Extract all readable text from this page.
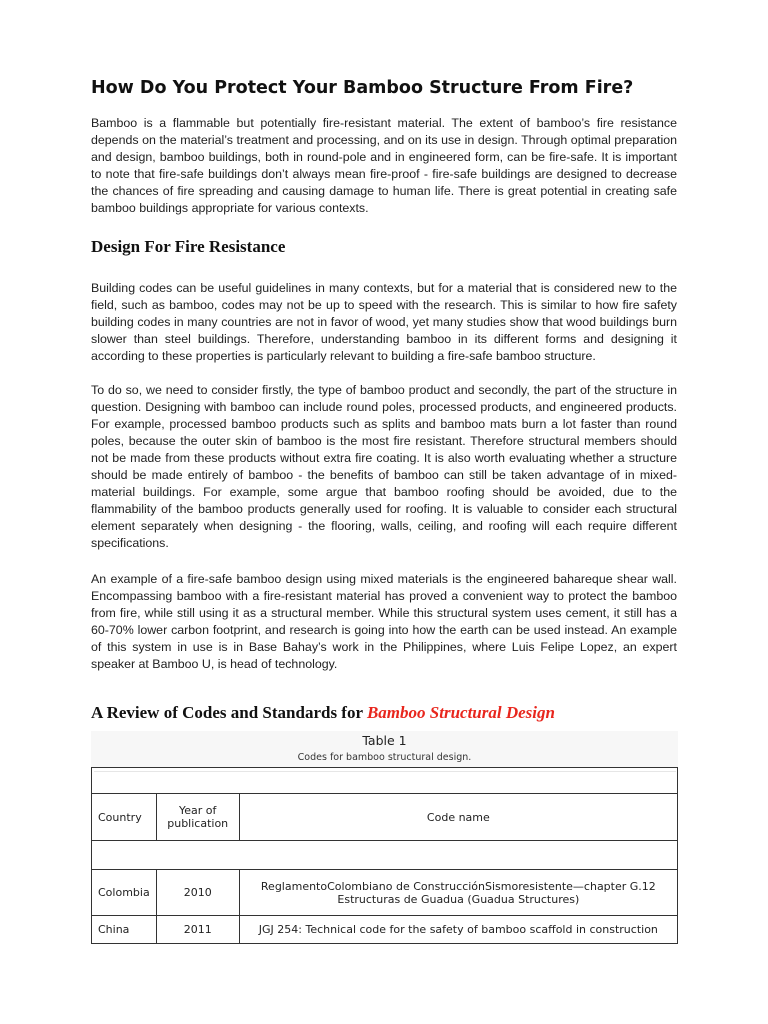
How Do You Protect Your Bamboo Structure From Fire?

Bamboo is a flammable but potentially fire-resistant material. The extent of bamboo’s fire resistance depends on the material’s treatment and processing, and on its use in design. Through optimal preparation and design, bamboo buildings, both in round-pole and in engineered form, can be fire-safe. It is important to note that fire-safe buildings don’t always mean fire-proof - fire-safe buildings are designed to decrease the chances of fire spreading and causing damage to human life. There is great potential in creating safe bamboo buildings appropriate for various contexts.

Design For Fire Resistance

Building codes can be useful guidelines in many contexts, but for a material that is considered new to the field, such as bamboo, codes may not be up to speed with the research. This is similar to how fire safety building codes in many countries are not in favor of wood, yet many studies show that wood buildings burn slower than steel buildings. Therefore, understanding bamboo in its different forms and designing it according to these properties is particularly relevant to building a fire-safe bamboo structure.

To do so, we need to consider firstly, the type of bamboo product and secondly, the part of the structure in question. Designing with bamboo can include round poles, processed products, and engineered products. For example, processed bamboo products such as splits and bamboo mats burn a lot faster than round poles, because the outer skin of bamboo is the most fire resistant. Therefore structural members should not be made from these products without extra fire coating. It is also worth evaluating whether a structure should be made entirely of bamboo - the benefits of bamboo can still be taken advantage of in mixed-material buildings. For example, some argue that bamboo roofing should be avoided, due to the flammability of the bamboo products generally used for roofing. It is valuable to consider each structural element separately when designing - the flooring, walls, ceiling, and roofing will each require different specifications.

An example of a fire-safe bamboo design using mixed materials is the engineered bahareque shear wall. Encompassing bamboo with a fire-resistant material has proved a convenient way to protect the bamboo from fire, while still using it as a structural member. While this structural system uses cement, it still has a 60-70% lower carbon footprint, and research is going into how the earth can be used instead. An example of this system in use is in Base Bahay’s work in the Philippines, where Luis Felipe Lopez, an expert speaker at Bamboo U, is head of technology.

A Review of Codes and Standards for Bamboo Structural Design
Table 1
Codes for bamboo structural design.

Country	Year of publication	Code name

Colombia	2010	ReglamentoColombiano de ConstrucciónSismoresistente—chapter G.12 Estructuras de Guadua (Guadua Structures)
China	2011	JGJ 254: Technical code for the safety of bamboo scaffold in construction
